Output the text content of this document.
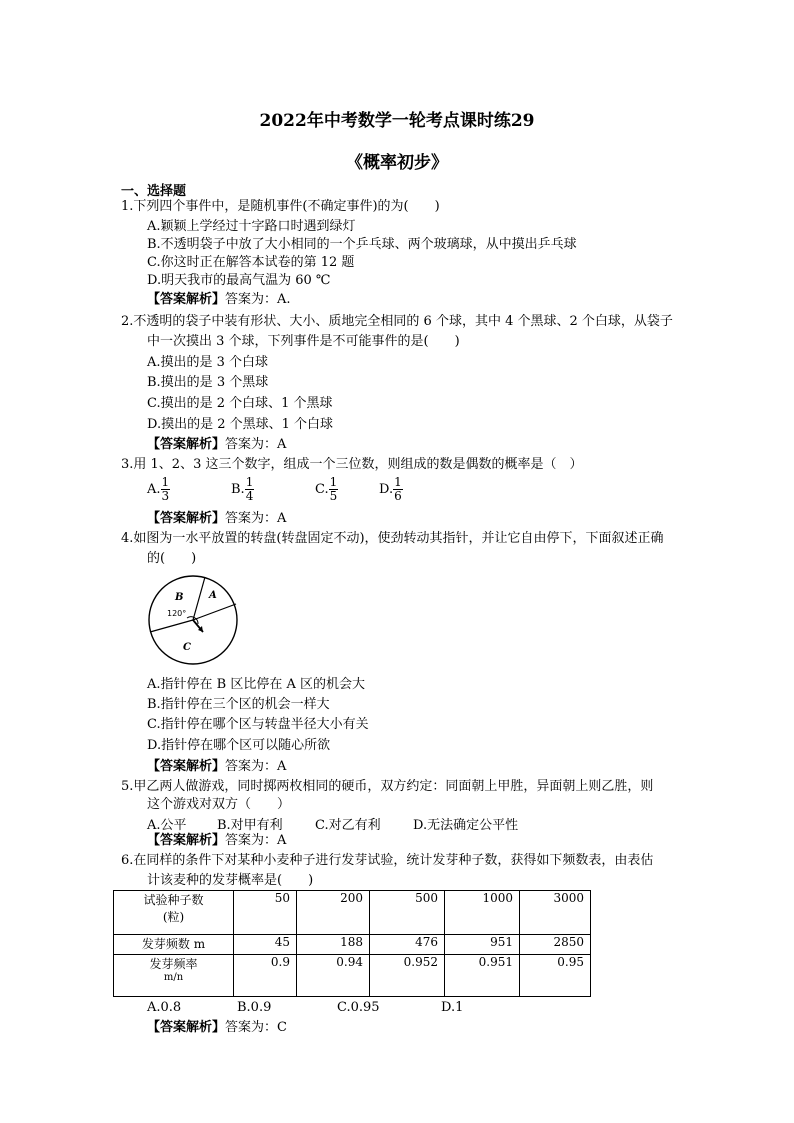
2022年中考数学一轮考点课时练29
《概率初步》
一、选择题
1.下列四个事件中，是随机事件(不确定事件)的为(　　)
A.颖颖上学经过十字路口时遇到绿灯
B.不透明袋子中放了大小相同的一个乒乓球、两个玻璃球，从中摸出乒乓球
C.你这时正在解答本试卷的第 12 题
D.明天我市的最高气温为 60 ℃
【答案解析】答案为：A.
2.不透明的袋子中装有形状、大小、质地完全相同的 6 个球，其中 4 个黑球、2 个白球，从袋子
中一次摸出 3 个球，下列事件是不可能事件的是(　　)
A.摸出的是 3 个白球
B.摸出的是 3 个黑球
C.摸出的是 2 个白球、1 个黑球
D.摸出的是 2 个黑球、1 个白球
【答案解析】答案为：A
3.用 1、2、3 这三个数字，组成一个三位数，则组成的数是偶数的概率是（　）
A. $\frac{1}{3}$	B. $\frac{1}{4}$	C. $\frac{1}{5}$	D. $\frac{1}{6}$
【答案解析】答案为：A
4.如图为一水平放置的转盘(转盘固定不动)，使劲转动其指针，并让它自由停下，下面叙述正确
的(　　)
B	A
C
120°
A.指针停在 B 区比停在 A 区的机会大
B.指针停在三个区的机会一样大
C.指针停在哪个区与转盘半径大小有关
D.指针停在哪个区可以随心所欲
【答案解析】答案为：A
5.甲乙两人做游戏，同时掷两枚相同的硬币，双方约定：同面朝上甲胜，异面朝上则乙胜，则
这个游戏对双方（　　）
A.公平 B.对甲有利 C.对乙有利 D.无法确定公平性
【答案解析】答案为：A
6.在同样的条件下对某种小麦种子进行发芽试验，统计发芽种子数，获得如下频数表，由表估
计该麦种的发芽概率是(　　)
试验种子数
(粒)	50	200	500	1000	3000
发芽频数 m	45	188	476	951	2850

发芽频率
m/n	0.9	0.94	0.952	0.951	0.95
A.0.8	B.0.9	C.0.95	D.1
【答案解析】答案为：C
